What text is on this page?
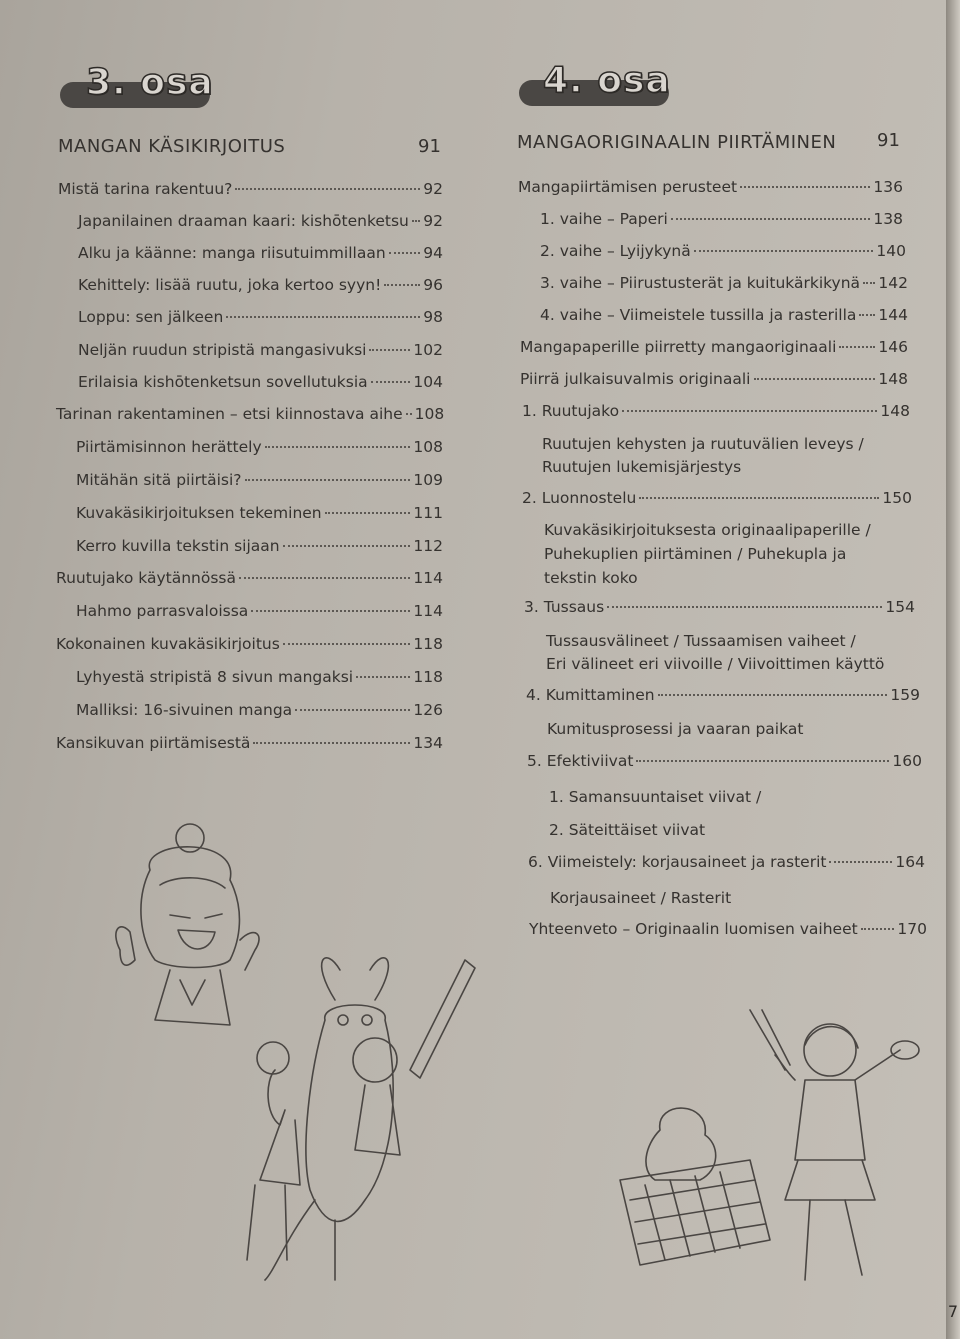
7
3. osa
MANGAN KÄSIKIRJOITUS	91
Mistä tarina rakentuu?	92
Japanilainen draaman kaari: kishōtenketsu 92
Alku ja käänne: manga riisutuimmillaan 94
Kehittely: lisää ruutu, joka kertoo syyn!	96
Loppu: sen jälkeen	98
Neljän ruudun stripistä mangasivuksi	102
Erilaisia kishōtenketsun sovellutuksia	104
Tarinan rakentaminen – etsi kiinnostava aihe 108
Piirtämisinnon herättely	108
Mitähän sitä piirtäisi?	109
Kuvakäsikirjoituksen tekeminen	111
Kerro kuvilla tekstin sijaan	112
Ruutujako käytännössä	114
Hahmo parrasvaloissa	114
Kokonainen kuvakäsikirjoitus	118
Lyhyestä stripistä 8 sivun mangaksi	118
Malliksi: 16-sivuinen manga	126
Kansikuvan piirtämisestä	134
4. osa
MANGAORIGINAALIN PIIRTÄMINEN 91
Mangapiirtämisen perusteet	136
1. vaihe – Paperi	138
2. vaihe – Lyijykynä	140
3. vaihe – Piirustusterät ja kuitukärkikynä 142
4. vaihe – Viimeistele tussilla ja rasterilla 144
Mangapaperille piirretty mangaoriginaali	146
Piirrä julkaisuvalmis originaali	148
1. Ruutujako	148
Ruutujen kehysten ja ruutuvälien leveys /
Ruutujen lukemisjärjestys
2. Luonnostelu	150
Kuvakäsikirjoituksesta originaalipaperille /
Puhekuplien piirtäminen / Puhekupla ja
tekstin koko
3. Tussaus	154
Tussausvälineet / Tussaamisen vaiheet /
Eri välineet eri viivoille / Viivoittimen käyttö
4. Kumittaminen	159
Kumitusprosessi ja vaaran paikat
5. Efektiviivat	160
1. Samansuuntaiset viivat /
2. Säteittäiset viivat
6. Viimeistely: korjausaineet ja rasterit	164
Korjausaineet / Rasterit
Yhteenveto – Originaalin luomisen vaiheet	170
